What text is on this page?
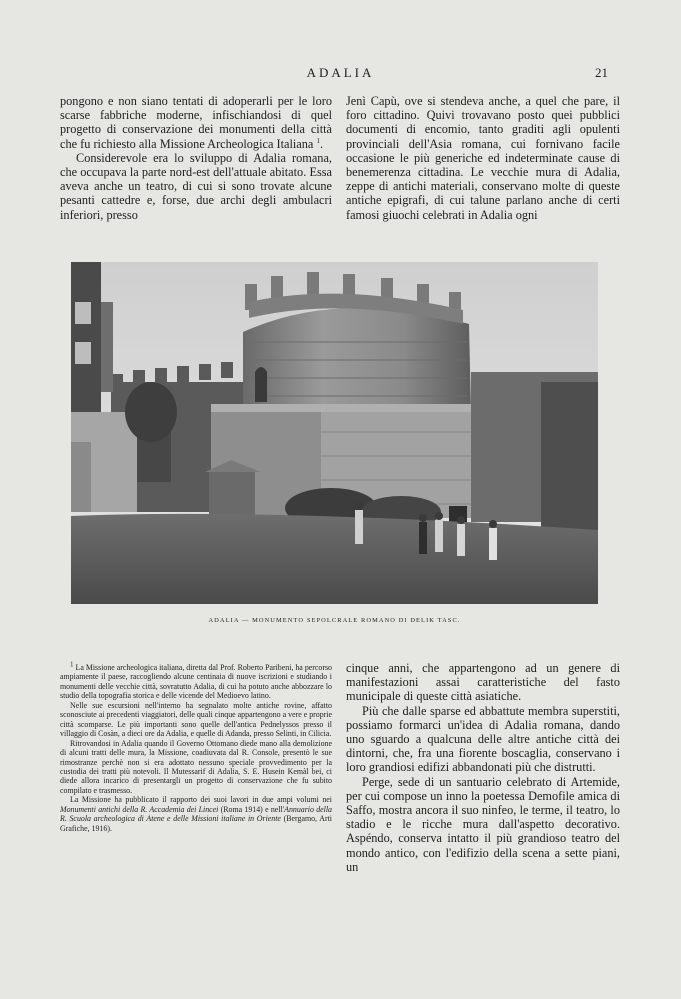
ADALIA	21

pongono e non siano tentati di adoperarli per le loro scarse fabbriche moderne, infischiandosi di quel progetto di conservazione dei monumenti della città che fu richiesto alla Missione Archeologica Italiana $^1$.

Considerevole era lo sviluppo di Adalia romana, che occupava la parte nord-est dell'attuale abitato. Essa aveva anche un teatro, di cui si sono trovate alcune pesanti cattedre e, forse, due archi degli ambulacri inferiori, presso

Jenì Capù, ove si stendeva anche, a quel che pare, il foro cittadino. Quivi trovavano posto quei pubblici documenti di encomio, tanto graditi agli opulenti provinciali dell'Asia romana, cui fornivano facile occasione le più generiche ed indeterminate cause di benemerenza cittadina. Le vecchie mura di Adalia, zeppe di antichi materiali, conservano molte di queste antiche epigrafi, di cui talune parlano anche di certi famosi giuochi celebrati in Adalia ogni

ADALIA — MONUMENTO SEPOLCRALE ROMANO DI DELIK TASC.

$^1$ La Missione archeologica italiana, diretta dal Prof. Roberto Paribeni, ha percorso ampiamente il paese, raccogliendo alcune centinaia di nuove iscrizioni e studiando i monumenti delle vecchie città, sovratutto Adalia, di cui ha potuto anche abbozzare lo studio della topografia storica e delle vicende del Medioevo latino.

Nelle sue escursioni nell'interno ha segnalato molte antiche rovine, affatto sconosciute ai precedenti viaggiatori, delle quali cinque appartengono a vere e proprie città scomparse. Le più importanti sono quelle dell'antica Pednelyssos presso il villaggio di Cosàn, a dieci ore da Adalia, e quelle di Adanda, presso Selinti, in Cilicia.

Ritrovandosi in Adalia quando il Governo Ottomano diede mano alla demolizione di alcuni tratti delle mura, la Missione, coadiuvata dal R. Console, presentò le sue rimostranze perchè non si era adottato nessuno speciale provvedimento per la custodia dei tratti più notevoli. Il Mutessarif di Adalia, S. E. Husein Kemàl bei, ci diede allora incarico di presentargli un progetto di conservazione che fu subito compilato e trasmesso.

La Missione ha pubblicato il rapporto dei suoi lavori in due ampi volumi nei Monumenti antichi della R. Accademia dei Lincei (Roma 1914) e nell'Annuario della R. Scuola archeologica di Atene e delle Missioni italiane in Oriente (Bergamo, Arti Grafiche, 1916).

cinque anni, che appartengono ad un genere di manifestazioni assai caratteristiche del fasto municipale di queste città asiatiche.

Più che dalle sparse ed abbattute membra superstiti, possiamo formarci un'idea di Adalia romana, dando uno sguardo a qualcuna delle altre antiche città dei dintorni, che, fra una fiorente boscaglia, conservano i loro grandiosi edifizi abbandonati più che distrutti.

Perge, sede di un santuario celebrato di Artemide, per cui compose un inno la poetessa Demofile amica di Saffo, mostra ancora il suo ninfeo, le terme, il teatro, lo stadio e le ricche mura dall'aspetto decorativo. Aspéndo, conserva intatto il più grandioso teatro del mondo antico, con l'edifizio della scena a sette piani, un
